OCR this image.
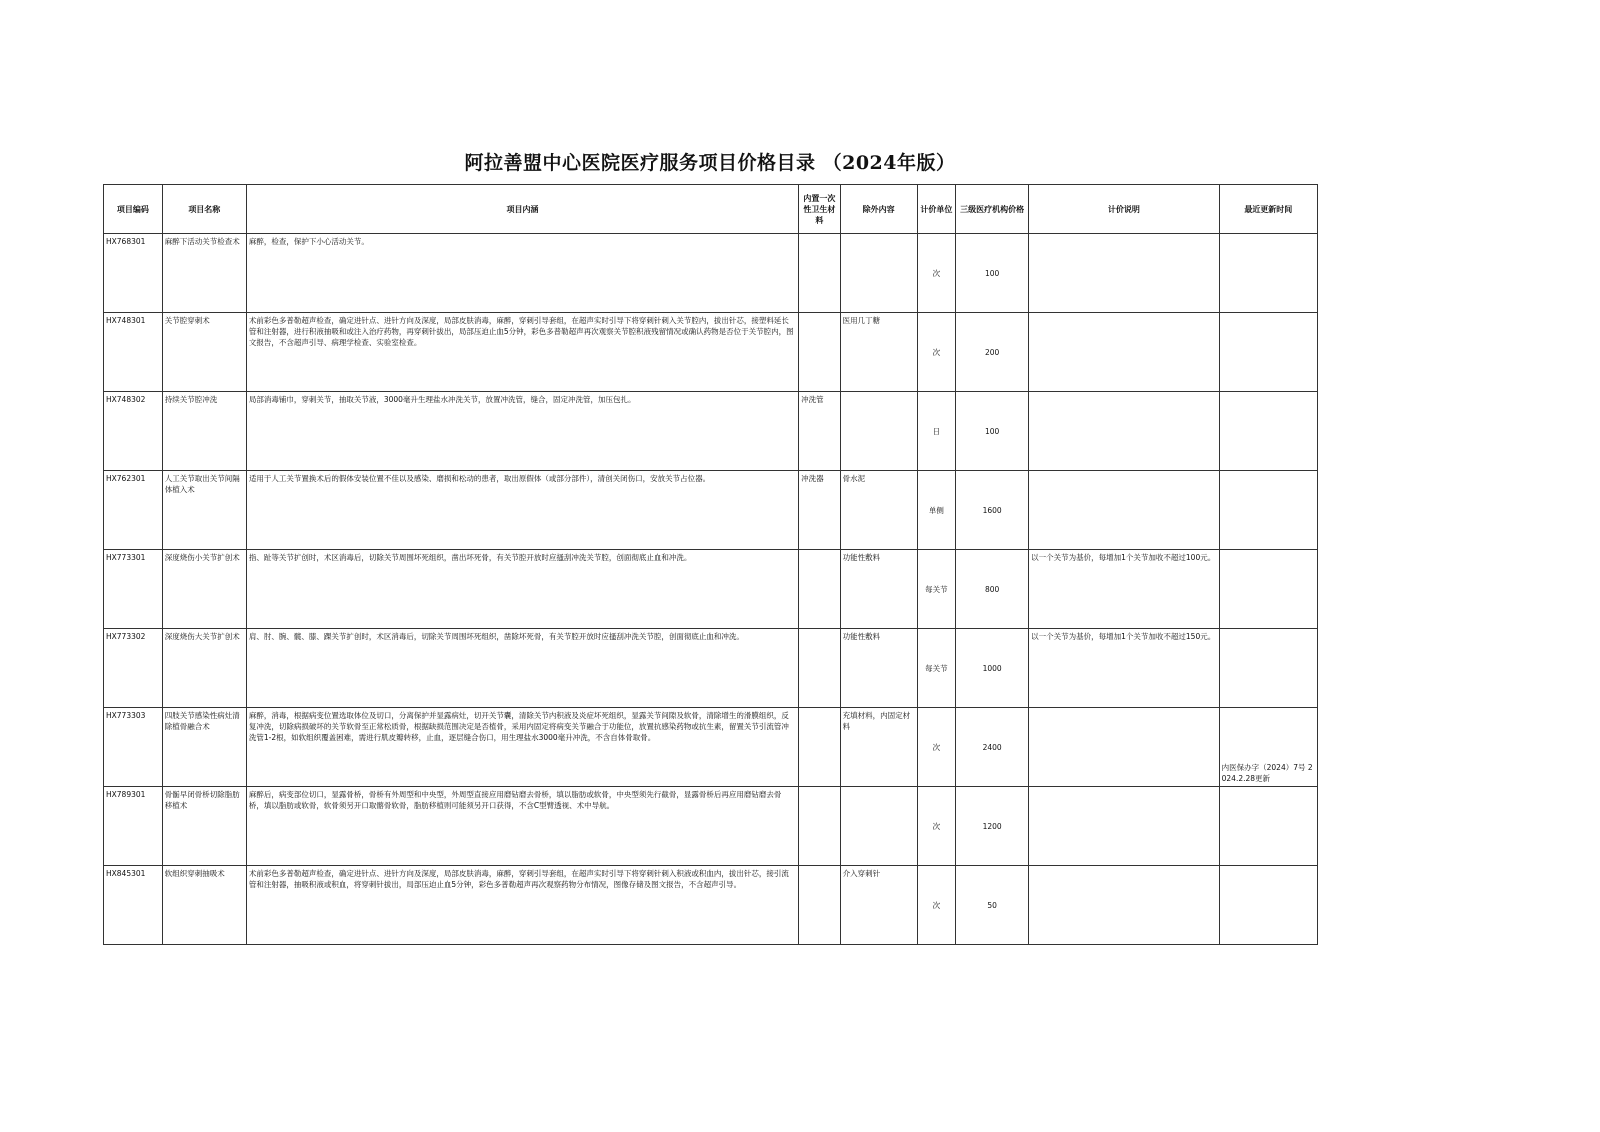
阿拉善盟中心医院医疗服务项目价格目录 （2024年版）
项目编码	项目名称	项目内涵	内置一次性卫生材料	除外内容	计价单位	三级医疗机构价格	计价说明	最近更新时间
HX768301	麻醉下活动关节检查术	麻醉，检查，保护下小心活动关节。			次	100		
HX748301	关节腔穿刺术	术前彩色多普勒超声检查，确定进针点、进针方向及深度，局部皮肤消毒，麻醉，穿刺引导套组，在超声实时引导下将穿刺针刺入关节腔内，拔出针芯，接塑料延长管和注射器，进行积液抽吸和或注入治疗药物，再穿刺针拔出，局部压迫止血5分钟，彩色多普勒超声再次观察关节腔积液残留情况或确认药物是否位于关节腔内，图文报告，不含超声引导、病理学检查、实验室检查。		医用几丁糖	次	200		
HX748302	持续关节腔冲洗	局部消毒铺巾，穿刺关节，抽取关节液，3000毫升生理盐水冲洗关节，放置冲洗管，缝合，固定冲洗管，加压包扎。	冲洗管		日	100		
HX762301	人工关节取出关节间隔体植入术	适用于人工关节置换术后的假体安装位置不佳以及感染、磨损和松动的患者，取出原假体（或部分部件），清创关闭伤口，安放关节占位器。	冲洗器	骨水泥	单侧	1600		
HX773301	深度烧伤小关节扩创术	指、趾等关节扩创时，术区消毒后，切除关节周围坏死组织，凿出坏死骨，有关节腔开放时应搔刮冲洗关节腔，创面彻底止血和冲洗。		功能性敷料	每关节	800	以一个关节为基价，每增加1个关节加收不超过100元。	
HX773302	深度烧伤大关节扩创术	肩、肘、腕、髋、膝、踝关节扩创时，术区消毒后，切除关节周围坏死组织，凿除坏死骨，有关节腔开放时应搔刮冲洗关节腔，创面彻底止血和冲洗。		功能性敷料	每关节	1000	以一个关节为基价，每增加1个关节加收不超过150元。	
HX773303	四肢关节感染性病灶清除植骨融合术	麻醉，消毒，根据病变位置选取体位及切口，分离保护并显露病灶，切开关节囊，清除关节内积液及炎症坏死组织，显露关节间隙及软骨，清除增生的滑膜组织，反复冲洗，切除病损破坏的关节软骨至正常松质骨，根据缺损范围决定是否植骨，采用内固定将病变关节融合于功能位，放置抗感染药物或抗生素，留置关节引流管冲洗管1-2根，如软组织覆盖困难，需进行肌皮瓣转移，止血，逐层缝合伤口，用生理盐水3000毫升冲洗，不含自体骨取骨。		充填材料，内固定材料	次	2400		内医保办字（2024）7号 2024.2.28更新
HX789301	骨骺早闭骨桥切除脂肪移植术	麻醉后，病变部位切口，显露骨桥，骨桥有外周型和中央型，外周型直接应用磨钻磨去骨桥，填以脂肪或软骨，中央型须先行截骨，显露骨桥后再应用磨钻磨去骨桥，填以脂肪或软骨，软骨须另开口取髂骨软骨，脂肪移植则可能须另开口获得，不含C型臂透视、术中导航。			次	1200		
HX845301	软组织穿刺抽吸术	术前彩色多普勒超声检查，确定进针点、进针方向及深度，局部皮肤消毒，麻醉，穿刺引导套组，在超声实时引导下将穿刺针刺入积液或积血内，拔出针芯，接引流管和注射器，抽吸积液或积血，将穿刺针拔出，局部压迫止血5分钟，彩色多普勒超声再次观察药物分布情况，图像存储及图文报告，不含超声引导。		介入穿刺针	次	50		
